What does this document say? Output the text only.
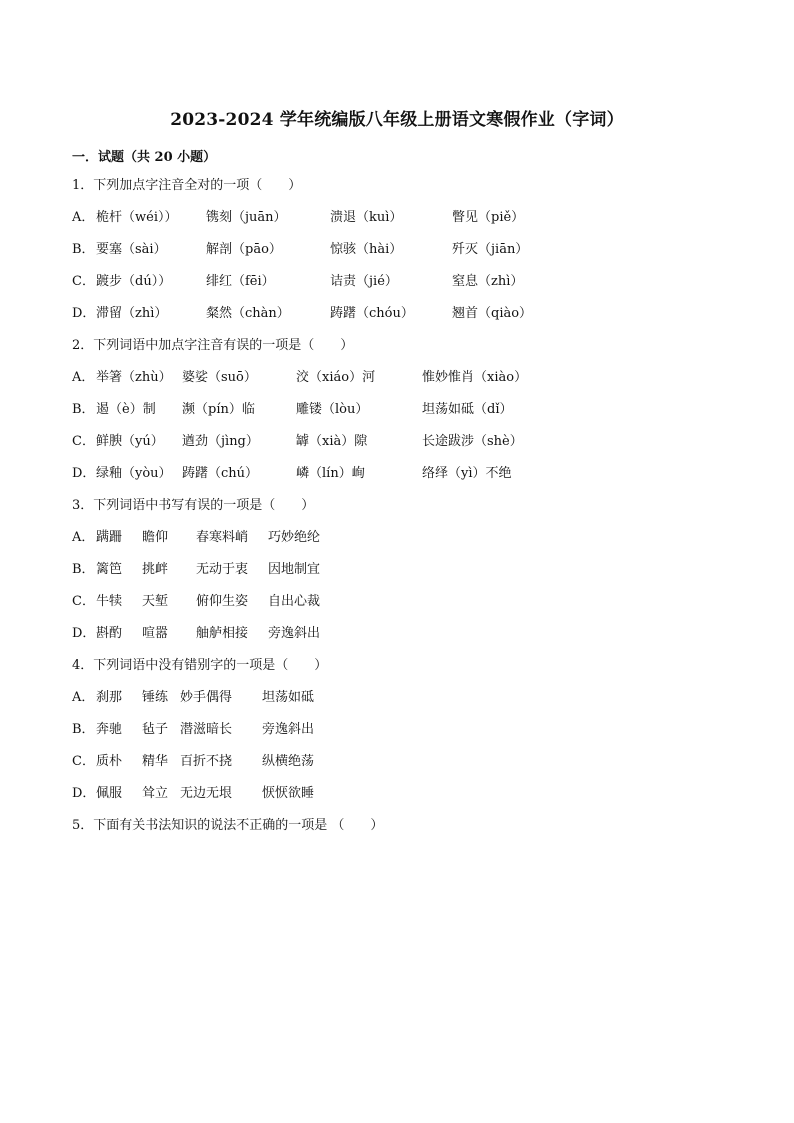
2023-2024 学年统编版八年级上册语文寒假作业（字词）
一．试题（共 20 小题）
1．下列加点字注音全对的一项（　　）
A． 桅杆（wéi）） 镌刻（juān）	溃退（kuì）	瞥见（piě）
B． 要塞（sài）	解剖（pāo）	惊骇（hài）	歼灭（jiān）
C． 踱步（dú））	绯红（fēi）	诘责（jié）	窒息（zhì）
D． 滞留（zhì）	粲然（chàn）	踌躇（chóu）	翘首（qiào）
2．下列词语中加点字注音有误的一项是（　　）
A． 举箸（zhù） 婆娑（suō）	洨（xiáo）河	惟妙惟肖（xiào）
B． 遏（è）制 濒（pín）临	雕镂（lòu）	坦荡如砥（dǐ）
C． 鲜腴（yú） 遒劲（jìng）	罅（xià）隙	长途跋涉（shè）
D． 绿釉（yòu） 踌躇（chú）	嶙（lín）峋	络绎（yì）不绝
3．下列词语中书写有误的一项是（　　）
A． 蹒跚 瞻仰 春寒料峭 巧妙绝纶
B． 篱笆 挑衅 无动于衷 因地制宜
C． 牛犊 天堑 俯仰生姿 自出心裁
D． 斟酌 喧嚣 舳舻相接 旁逸斜出
4．下列词语中没有错别字的一项是（　　）
A． 刹那 锤练 妙手偶得 坦荡如砥
B． 奔驰 毡子 潜滋暗长 旁逸斜出
C． 质朴 精华 百折不挠 纵横绝荡
D． 佩服 耸立 无边无垠 恹恹欲睡
5．下面有关书法知识的说法不正确的一项是 （　　）
